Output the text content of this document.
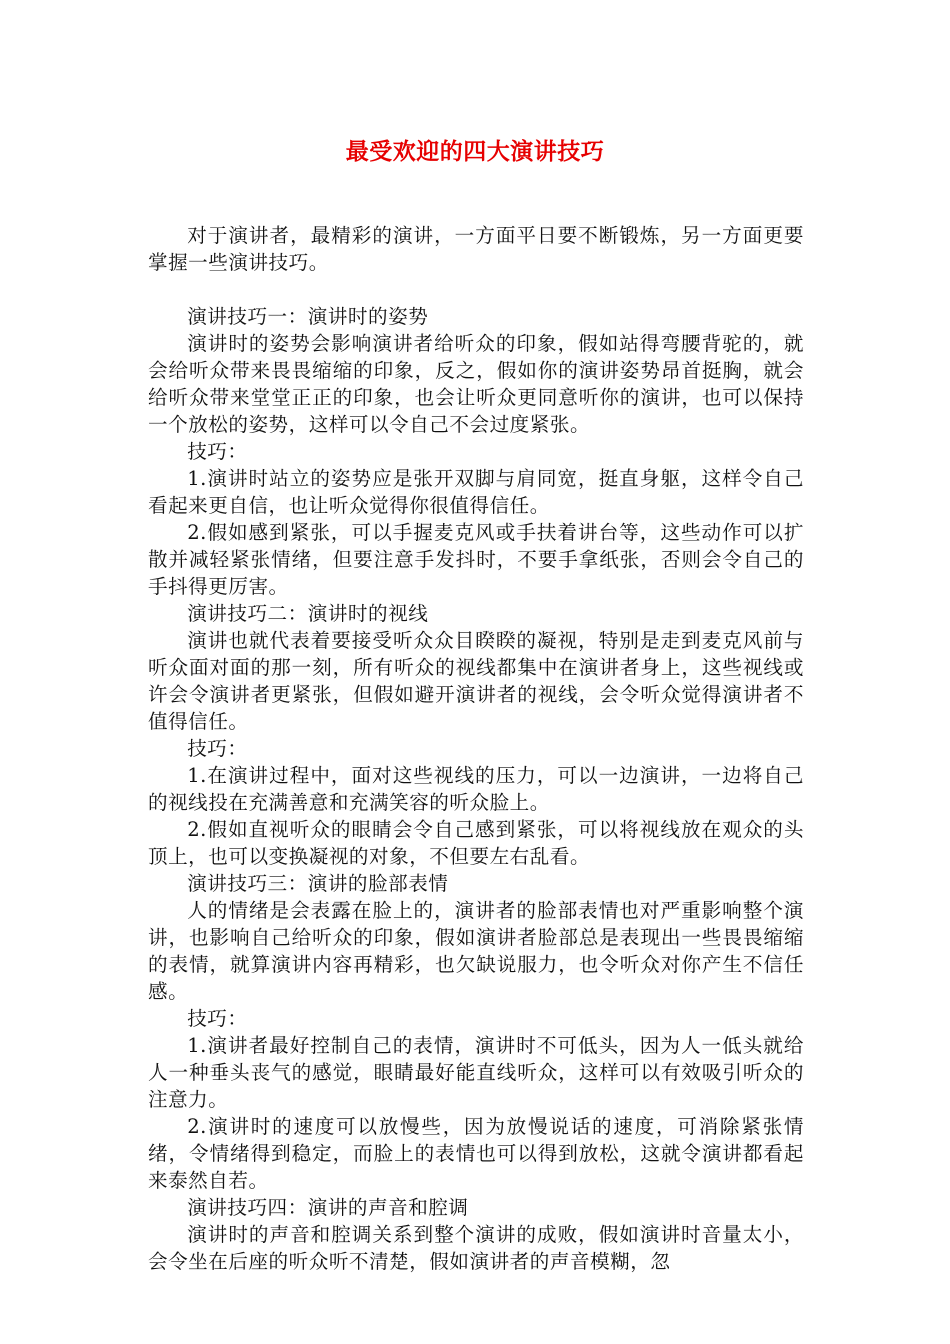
最受欢迎的四大演讲技巧

对于演讲者，最精彩的演讲，一方面平日要不断锻炼，另一方面更要掌握一些演讲技巧。

演讲技巧一：演讲时的姿势

演讲时的姿势会影响演讲者给听众的印象，假如站得弯腰背驼的，就会给听众带来畏畏缩缩的印象，反之，假如你的演讲姿势昂首挺胸，就会给听众带来堂堂正正的印象，也会让听众更同意听你的演讲，也可以保持一个放松的姿势，这样可以令自己不会过度紧张。

技巧：

1.演讲时站立的姿势应是张开双脚与肩同宽，挺直身躯，这样令自己看起来更自信，也让听众觉得你很值得信任。

2.假如感到紧张，可以手握麦克风或手扶着讲台等，这些动作可以扩散并减轻紧张情绪，但要注意手发抖时，不要手拿纸张，否则会令自己的手抖得更厉害。

演讲技巧二：演讲时的视线

演讲也就代表着要接受听众众目睽睽的凝视，特别是走到麦克风前与听众面对面的那一刻，所有听众的视线都集中在演讲者身上，这些视线或许会令演讲者更紧张，但假如避开演讲者的视线，会令听众觉得演讲者不值得信任。

技巧：

1.在演讲过程中，面对这些视线的压力，可以一边演讲，一边将自己的视线投在充满善意和充满笑容的听众脸上。

2.假如直视听众的眼睛会令自己感到紧张，可以将视线放在观众的头顶上，也可以变换凝视的对象，不但要左右乱看。

演讲技巧三：演讲的脸部表情

人的情绪是会表露在脸上的，演讲者的脸部表情也对严重影响整个演讲，也影响自己给听众的印象，假如演讲者脸部总是表现出一些畏畏缩缩的表情，就算演讲内容再精彩，也欠缺说服力，也令听众对你产生不信任感。

技巧：

1.演讲者最好控制自己的表情，演讲时不可低头，因为人一低头就给人一种垂头丧气的感觉，眼睛最好能直线听众，这样可以有效吸引听众的注意力。

2.演讲时的速度可以放慢些，因为放慢说话的速度，可消除紧张情绪，令情绪得到稳定，而脸上的表情也可以得到放松，这就令演讲都看起来泰然自若。

演讲技巧四：演讲的声音和腔调

演讲时的声音和腔调关系到整个演讲的成败，假如演讲时音量太小，会令坐在后座的听众听不清楚，假如演讲者的声音模糊，忽
